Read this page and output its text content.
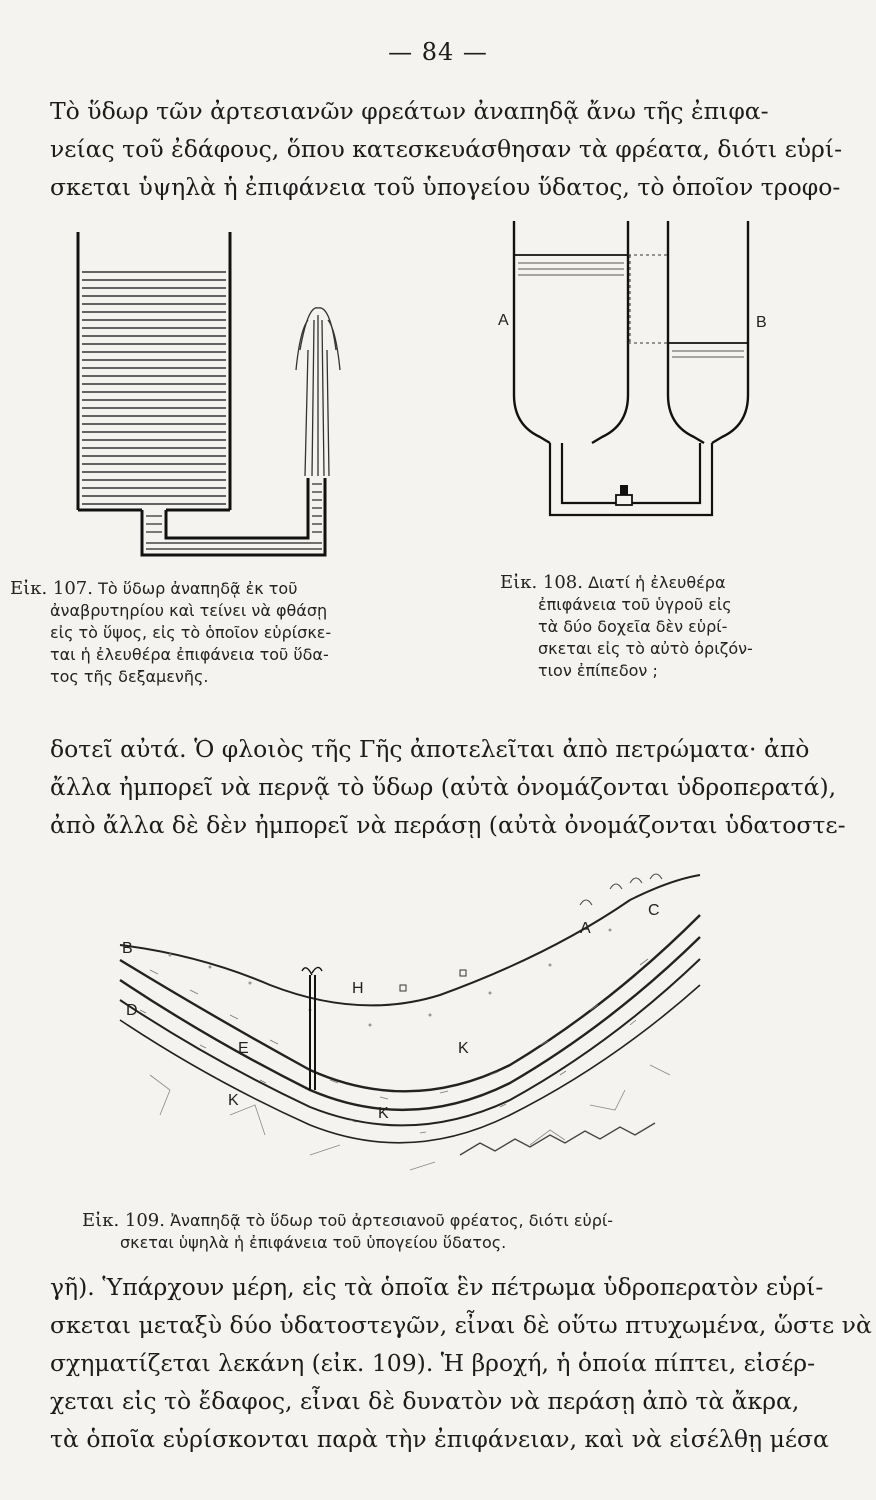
— 84 —
Τὸ ὕδωρ τῶν ἀρτεσιανῶν φρεάτων ἀναπηδᾷ ἄνω τῆς ἐπιφα-
νείας τοῦ ἐδάφους, ὅπου κατεσκευάσθησαν τὰ φρέατα, διότι εὑρί-
σκεται ὑψηλὰ ἡ ἐπιφάνεια τοῦ ὑπογείου ὕδατος, τὸ ὁποῖον τροφο-
A	B
Εἰκ. 107. Τὸ ὕδωρ ἀναπηδᾷ ἐκ τοῦ
ἀναβρυτηρίου καὶ τείνει νὰ φθάσῃ
εἰς τὸ ὕψος, εἰς τὸ ὁποῖον εὑρίσκε-
ται ἡ ἐλευθέρα ἐπιφάνεια τοῦ ὕδα-
τος τῆς δεξαμενῆς.
Εἰκ. 108. Διατί ἡ ἐλευθέρα
ἐπιφάνεια τοῦ ὑγροῦ εἰς
τὰ δύο δοχεῖα δὲν εὑρί-
σκεται εἰς τὸ αὐτὸ ὁριζόν-
τιον ἐπίπεδον ;
δοτεῖ αὐτά. Ὁ φλοιὸς τῆς Γῆς ἀποτελεῖται ἀπὸ πετρώματα· ἀπὸ
ἄλλα ἠμπορεῖ νὰ περνᾷ τὸ ὕδωρ (αὐτὰ ὀνομάζονται ὑδροπερατά),
ἀπὸ ἄλλα δὲ δὲν ἠμπορεῖ νὰ περάσῃ (αὐτὰ ὀνομάζονται ὑδατοστε-
B
D
H
A
C
K
K
K
E
Εἰκ. 109. Ἀναπηδᾷ τὸ ὕδωρ τοῦ ἀρτεσιανοῦ φρέατος, διότι εὑρί-
σκεται ὑψηλὰ ἡ ἐπιφάνεια τοῦ ὑπογείου ὕδατος.
γῆ). Ὑπάρχουν μέρη, εἰς τὰ ὁποῖα ἓν πέτρωμα ὑδροπερατὸν εὑρί-
σκεται μεταξὺ δύο ὑδατοστεγῶν, εἶναι δὲ οὕτω πτυχωμένα, ὥστε νὰ
σχηματίζεται λεκάνη (εἰκ. 109). Ἡ βροχή, ἡ ὁποία πίπτει, εἰσέρ-
χεται εἰς τὸ ἔδαφος, εἶναι δὲ δυνατὸν νὰ περάσῃ ἀπὸ τὰ ἄκρα,
τὰ ὁποῖα εὑρίσκονται παρὰ τὴν ἐπιφάνειαν, καὶ νὰ εἰσέλθῃ μέσα
